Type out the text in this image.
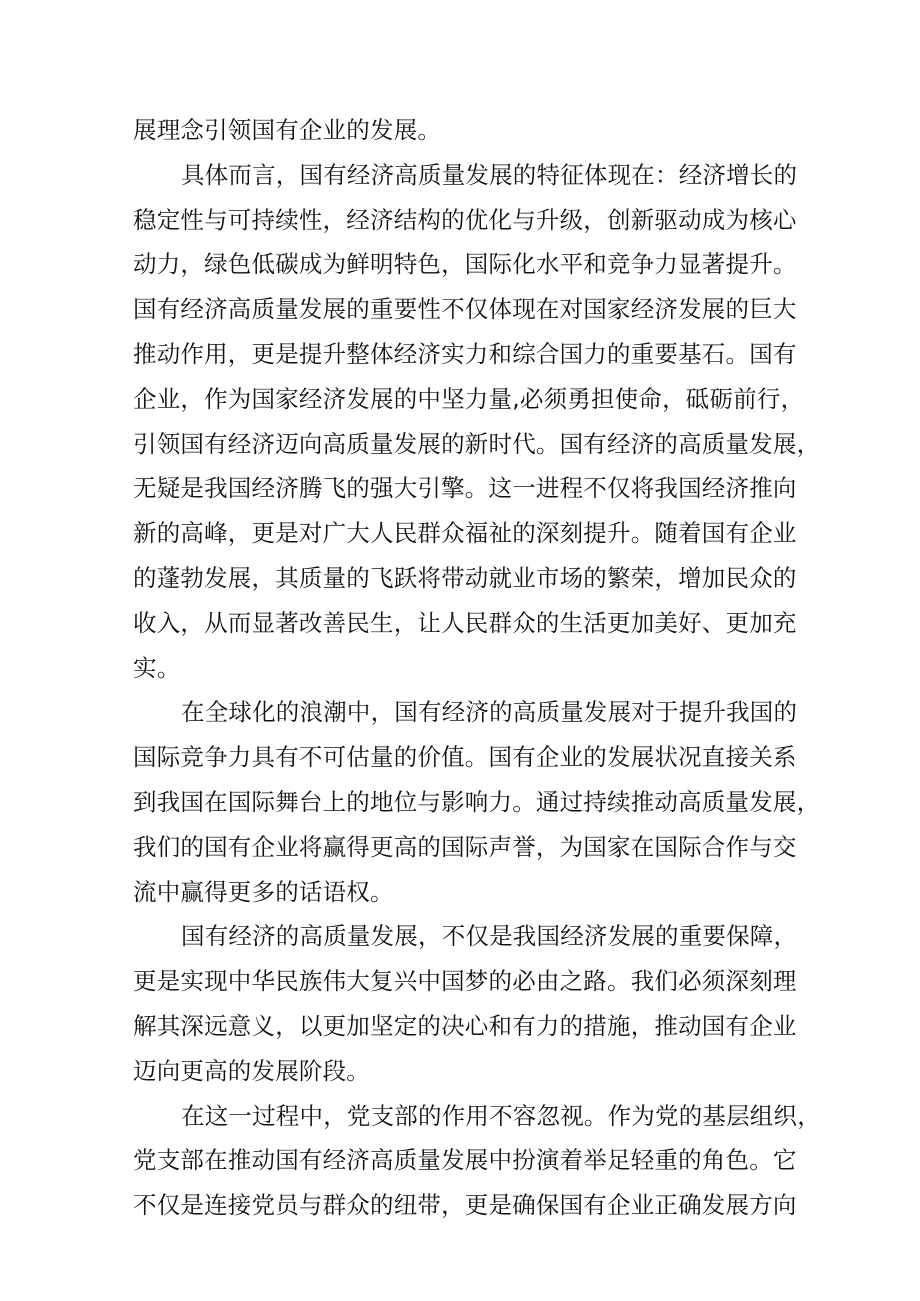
展理念引领国有企业的发展。
具体而言，国有经济高质量发展的特征体现在：经济增长的
稳定性与可持续性，经济结构的优化与升级，创新驱动成为核心
动力，绿色低碳成为鲜明特色，国际化水平和竞争力显著提升。
国有经济高质量发展的重要性不仅体现在对国家经济发展的巨大
推动作用，更是提升整体经济实力和综合国力的重要基石。国有
企业，作为国家经济发展的中坚力量,必须勇担使命，砥砺前行，
引领国有经济迈向高质量发展的新时代。国有经济的高质量发展，
无疑是我国经济腾飞的强大引擎。这一进程不仅将我国经济推向
新的高峰，更是对广大人民群众福祉的深刻提升。随着国有企业
的蓬勃发展，其质量的飞跃将带动就业市场的繁荣，增加民众的
收入，从而显著改善民生，让人民群众的生活更加美好、更加充
实。
在全球化的浪潮中，国有经济的高质量发展对于提升我国的
国际竞争力具有不可估量的价值。国有企业的发展状况直接关系
到我国在国际舞台上的地位与影响力。通过持续推动高质量发展，
我们的国有企业将赢得更高的国际声誉，为国家在国际合作与交
流中赢得更多的话语权。
国有经济的高质量发展，不仅是我国经济发展的重要保障，
更是实现中华民族伟大复兴中国梦的必由之路。我们必须深刻理
解其深远意义，以更加坚定的决心和有力的措施，推动国有企业
迈向更高的发展阶段。
在这一过程中，党支部的作用不容忽视。作为党的基层组织，
党支部在推动国有经济高质量发展中扮演着举足轻重的角色。它
不仅是连接党员与群众的纽带，更是确保国有企业正确发展方向
